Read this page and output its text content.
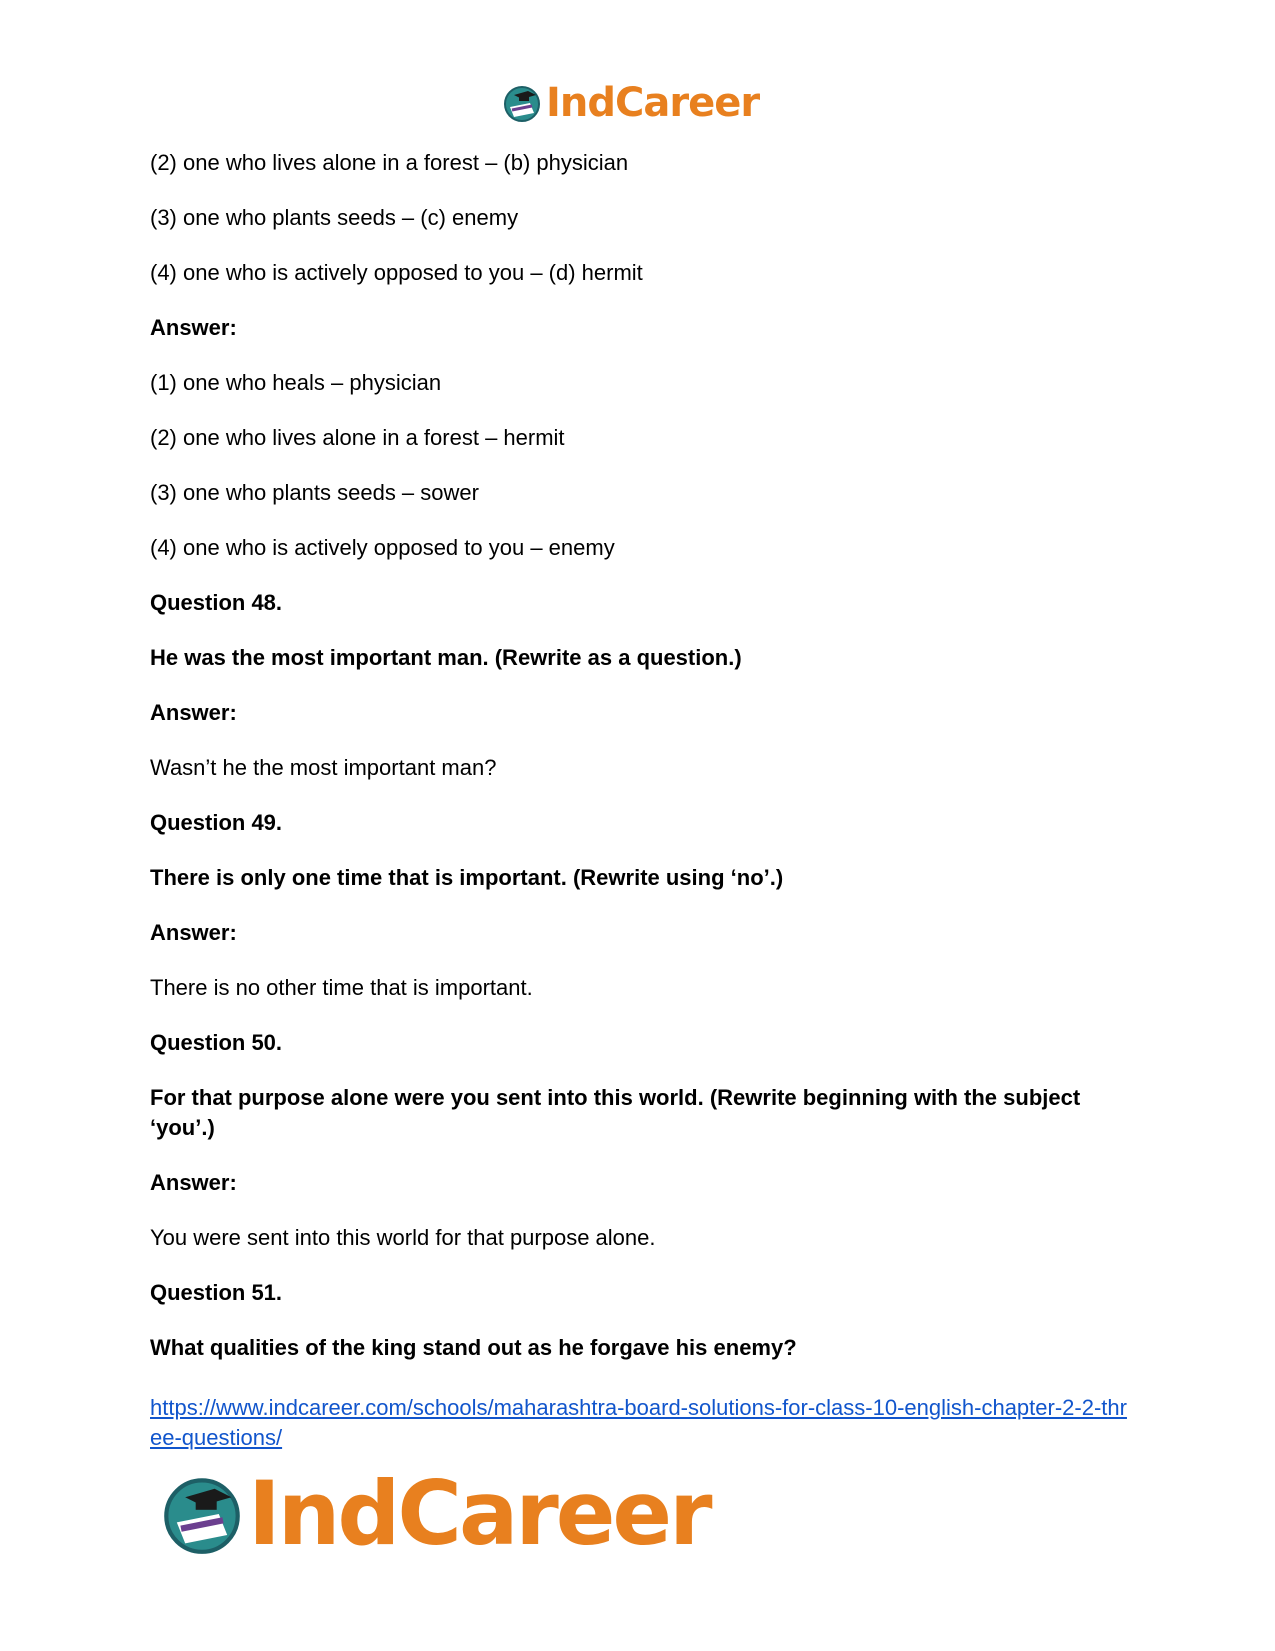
IndCareer

(2) one who lives alone in a forest – (b) physician

(3) one who plants seeds – (c) enemy

(4) one who is actively opposed to you – (d) hermit

Answer:

(1) one who heals – physician

(2) one who lives alone in a forest – hermit

(3) one who plants seeds – sower

(4) one who is actively opposed to you – enemy

Question 48.

He was the most important man. (Rewrite as a question.)

Answer:

Wasn’t he the most important man?

Question 49.

There is only one time that is important. (Rewrite using ‘no’.)

Answer:

There is no other time that is important.

Question 50.

For that purpose alone were you sent into this world. (Rewrite beginning with the subject ‘you’.)

Answer:

You were sent into this world for that purpose alone.

Question 51.

What qualities of the king stand out as he forgave his enemy?

https://www.indcareer.com/schools/maharashtra-board-solutions-for-class-10-english-chapter-2-2-three-questions/
IndCareer
